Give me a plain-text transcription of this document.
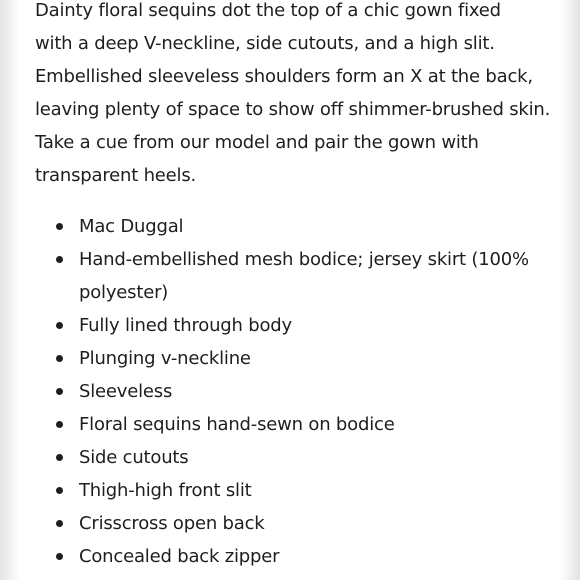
Dainty floral sequins dot the top of a chic gown fixed
with a deep V-neckline, side cutouts, and a high slit.
Embellished sleeveless shoulders form an X at the back,
leaving plenty of space to show off shimmer-brushed skin.
Take a cue from our model and pair the gown with
transparent heels.

Mac Duggal
Hand-embellished mesh bodice; jersey skirt (100%
polyester)
Fully lined through body
Plunging v-neckline
Sleeveless
Floral sequins hand-sewn on bodice
Side cutouts
Thigh-high front slit
Crisscross open back
Concealed back zipper
